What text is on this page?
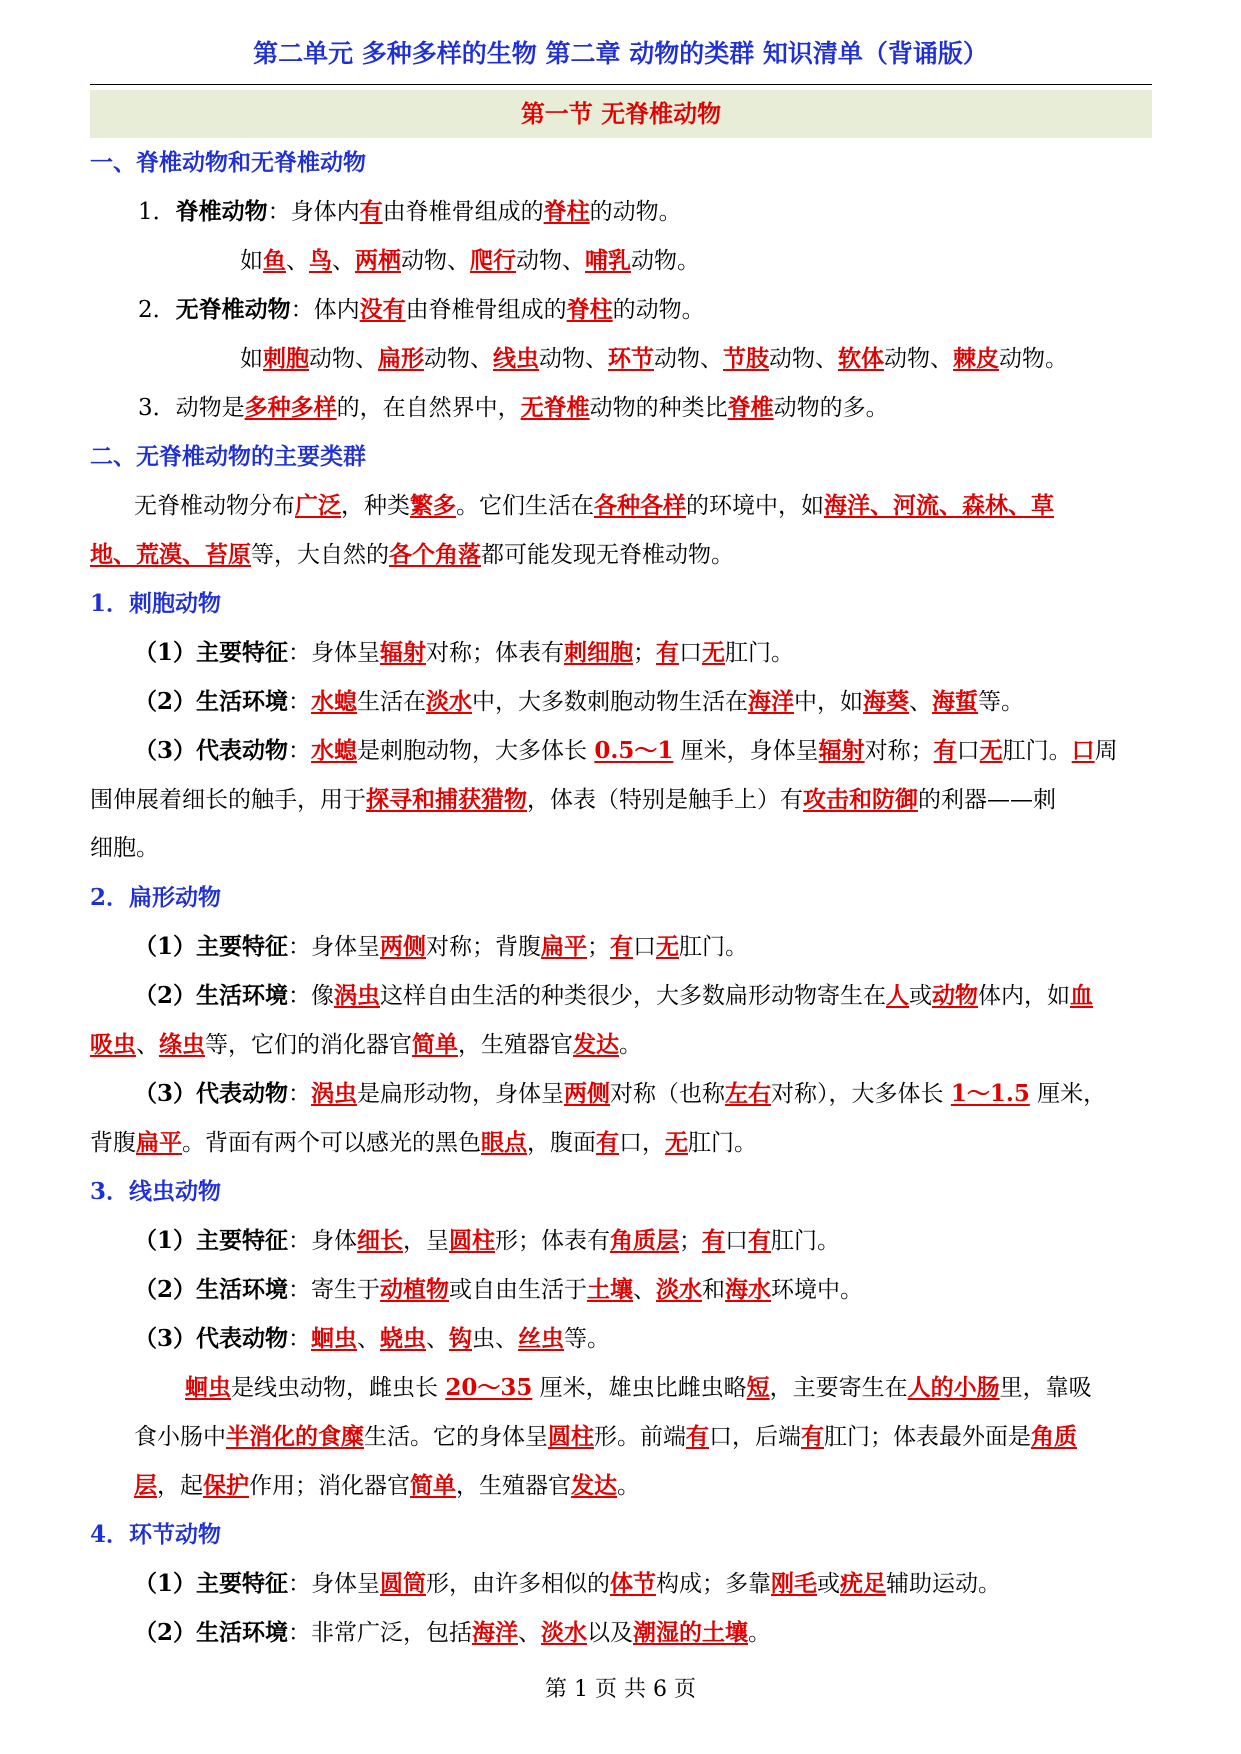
第二单元 多种多样的生物 第二章 动物的类群 知识清单（背诵版）
第一节 无脊椎动物
一、脊椎动物和无脊椎动物
1．脊椎动物：身体内有由脊椎骨组成的脊柱的动物。
如鱼、鸟、两栖动物、爬行动物、哺乳动物。
2．无脊椎动物：体内没有由脊椎骨组成的脊柱的动物。
如刺胞动物、扁形动物、线虫动物、环节动物、节肢动物、软体动物、棘皮动物。
3．动物是多种多样的，在自然界中，无脊椎动物的种类比脊椎动物的多。
二、无脊椎动物的主要类群
无脊椎动物分布广泛，种类繁多。它们生活在各种各样的环境中，如海洋、河流、森林、草
地、荒漠、苔原等，大自然的各个角落都可能发现无脊椎动物。
1．刺胞动物
（1）主要特征：身体呈辐射对称；体表有刺细胞；有口无肛门。
（2）生活环境：水螅生活在淡水中，大多数刺胞动物生活在海洋中，如海葵、海蜇等。
（3）代表动物：水螅是刺胞动物，大多体长 0.5～1 厘米，身体呈辐射对称；有口无肛门。口周
围伸展着细长的触手，用于探寻和捕获猎物，体表（特别是触手上）有攻击和防御的利器——刺
细胞。
2．扁形动物
（1）主要特征：身体呈两侧对称；背腹扁平；有口无肛门。
（2）生活环境：像涡虫这样自由生活的种类很少，大多数扁形动物寄生在人或动物体内，如血
吸虫、绦虫等，它们的消化器官简单，生殖器官发达。
（3）代表动物：涡虫是扁形动物，身体呈两侧对称（也称左右对称），大多体长 1～1.5 厘米，
背腹扁平。背面有两个可以感光的黑色眼点，腹面有口，无肛门。
3．线虫动物
（1）主要特征：身体细长，呈圆柱形；体表有角质层；有口有肛门。
（2）生活环境：寄生于动植物或自由生活于土壤、淡水和海水环境中。
（3）代表动物：蛔虫、蛲虫、钩虫、丝虫等。
蛔虫是线虫动物，雌虫长 20～35 厘米，雄虫比雌虫略短，主要寄生在人的小肠里，靠吸
食小肠中半消化的食糜生活。它的身体呈圆柱形。前端有口，后端有肛门；体表最外面是角质
层，起保护作用；消化器官简单，生殖器官发达。
4．环节动物
（1）主要特征：身体呈圆筒形，由许多相似的体节构成；多靠刚毛或疣足辅助运动。
（2）生活环境：非常广泛，包括海洋、淡水以及潮湿的土壤。
第 1 页 共 6 页
